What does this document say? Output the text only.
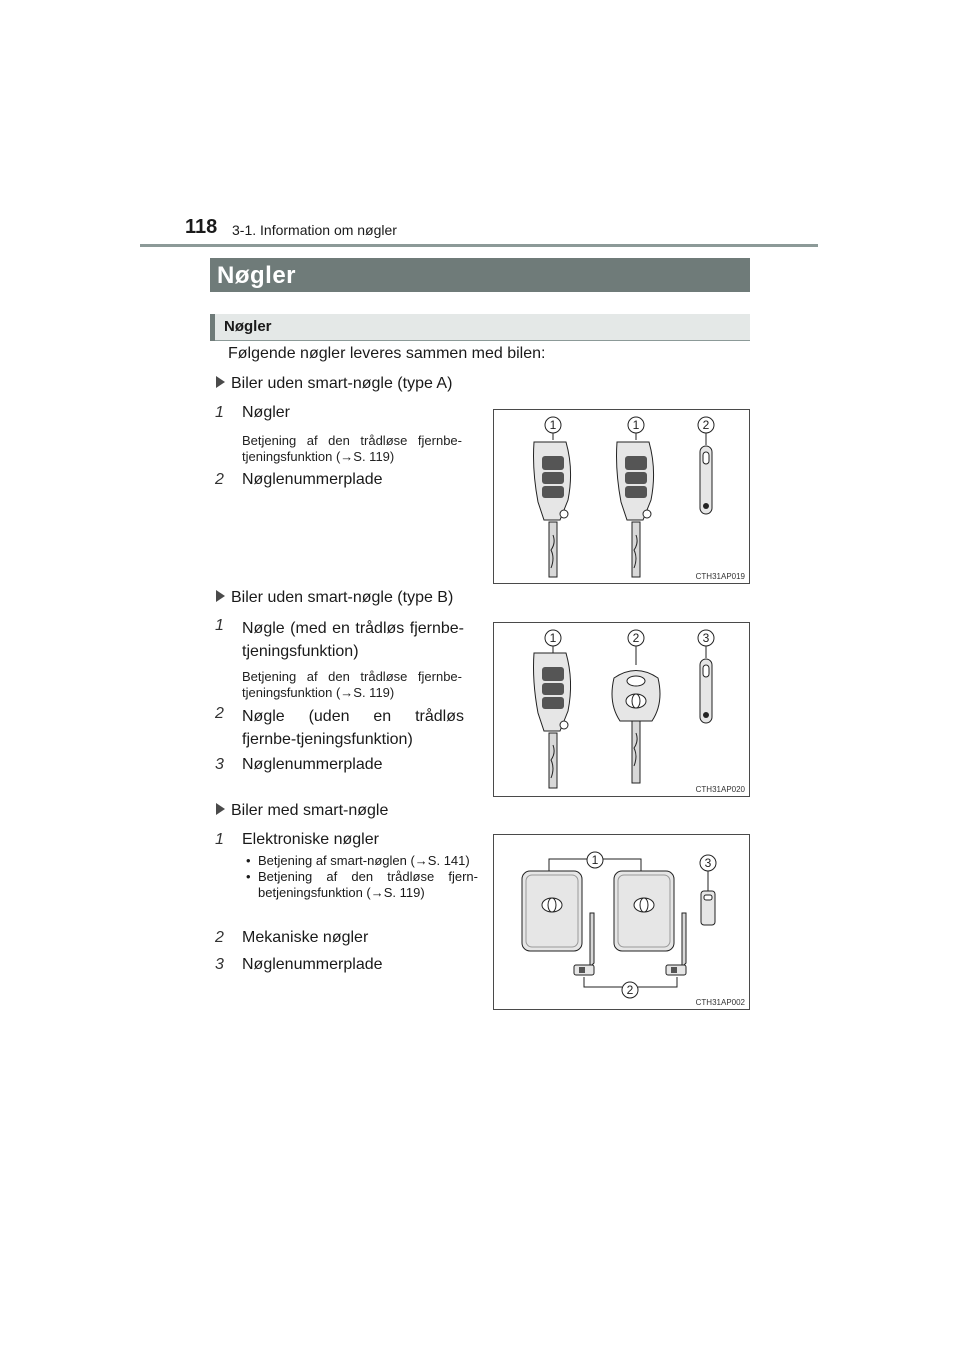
118 3-1. Information om nøgler
Nøgler
Nøgler
Følgende nøgler leveres sammen med bilen:
Biler uden smart-nøgle (type A)
1 Nøgler
Betjening af den trådløse fjernbe-tjeningsfunktion (→S. 119)
2 Nøglenummerplade
1	1	2
CTH31AP019
Biler uden smart-nøgle (type B)
1 Nøgle (med en trådløs fjernbe-tjeningsfunktion)
Betjening af den trådløse fjernbe-tjeningsfunktion (→S. 119)
2 Nøgle (uden en trådløs fjernbe-tjeningsfunktion)
3 Nøglenummerplade
1	2	3
CTH31AP020
Biler med smart-nøgle
1 Elektroniske nøgler
• Betjening af smart-nøglen (→S. 141)
• Betjening af den trådløse fjern-betjeningsfunktion (→S. 119)
2 Mekaniske nøgler
3 Nøglenummerplade
1	3
2
CTH31AP002
